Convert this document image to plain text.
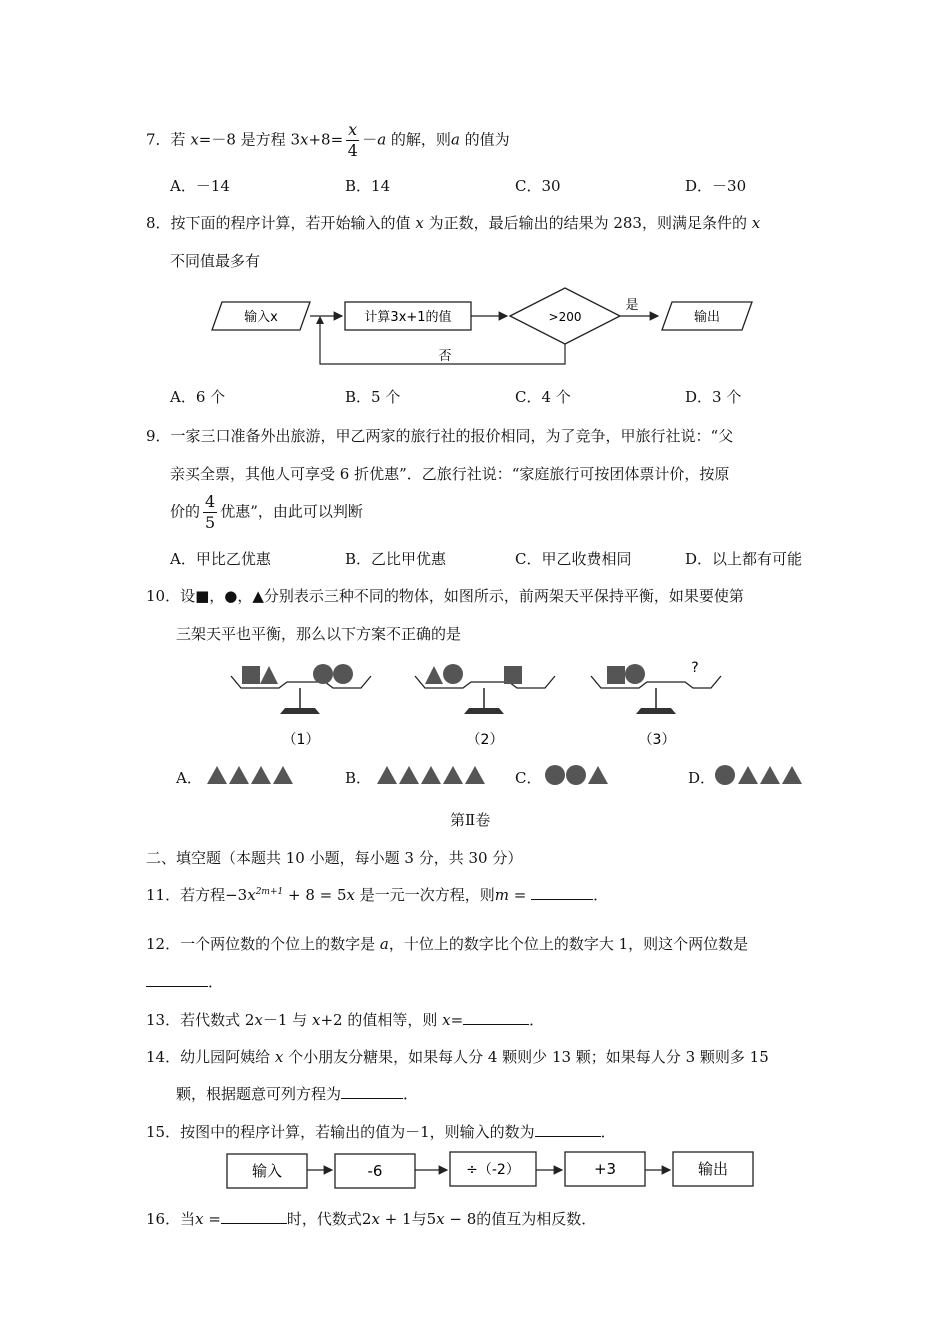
7．若 x=－8 是方程 $3x+8= \frac{x}{4} -a$ 的解，则a 的值为
A．－14	B．14	C．30	D．－30
8．按下面的程序计算，若开始输入的值 x 为正数，最后输出的结果为 283，则满足条件的 x
不同值最多有
输入x	计算3x+1的值	>200
是
输出
否
A．6 个	B．5 个	C．4 个	D．3 个
9．一家三口准备外出旅游，甲乙两家的旅行社的报价相同，为了竞争，甲旅行社说：“父
亲买全票，其他人可享受 6 折优惠”．乙旅行社说：“家庭旅行可按团体票计价，按原
价的 $\frac{4}{5}$ 优惠”，由此可以判断
A．甲比乙优惠	B．乙比甲优惠	C．甲乙收费相同	D．以上都有可能
10．设■，●，▲分别表示三种不同的物体，如图所示，前两架天平保持平衡，如果要使第
三架天平也平衡，那么以下方案不正确的是
（1）	（2）
?
（3）
A．	B．	C．	D．
第Ⅱ卷
二、填空题（本题共 10 小题，每小题 3 分，共 30 分）
11．若方程$-3x^{2m+1} + 8 = 5x$ 是一元一次方程，则m =	．
12．一个两位数的个位上的数字是 a，十位上的数字比个位上的数字大 1，则这个两位数是
．
13．若代数式 2x－1 与 x+2 的值相等，则 x=	．
14．幼儿园阿姨给 x 个小朋友分糖果，如果每人分 4 颗则少 13 颗；如果每人分 3 颗则多 15
颗，根据题意可列方程为	．
15．按图中的程序计算，若输出的值为－1，则输入的数为	．
输入	-6	÷（-2）	+3	输出
16．当x =	时，代数式2x + 1与5x − 8的值互为相反数．
